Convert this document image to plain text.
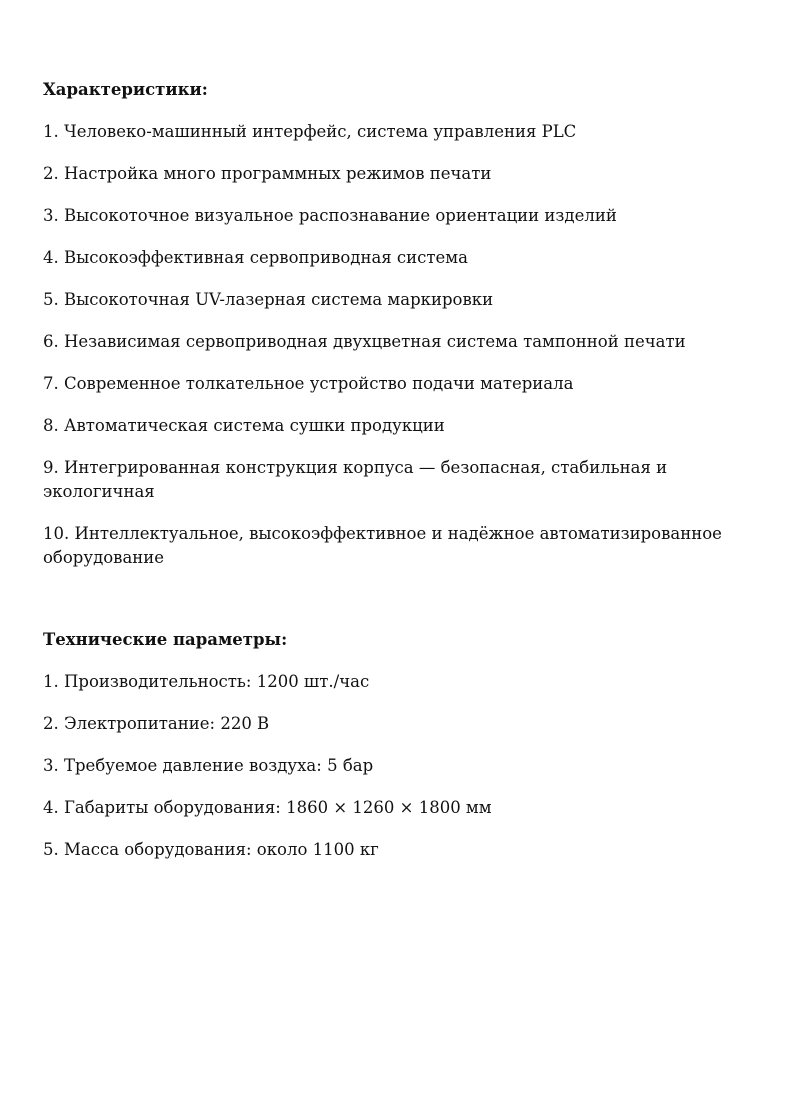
Характеристики:
1. Человеко-машинный интерфейс, система управления PLC
2. Настройка много программных режимов печати
3. Высокоточное визуальное распознавание ориентации изделий
4. Высокоэффективная сервоприводная система
5. Высокоточная UV-лазерная система маркировки
6. Независимая сервоприводная двухцветная система тампонной печати
7. Современное толкательное устройство подачи материала
8. Автоматическая система сушки продукции
9. Интегрированная конструкция корпуса — безопасная, стабильная и экологичная
10. Интеллектуальное, высокоэффективное и надёжное автоматизированное оборудование
Технические параметры:
1. Производительность: 1200 шт./час
2. Электропитание: 220 В
3. Требуемое давление воздуха: 5 бар
4. Габариты оборудования: 1860 × 1260 × 1800 мм
5. Масса оборудования: около 1100 кг
